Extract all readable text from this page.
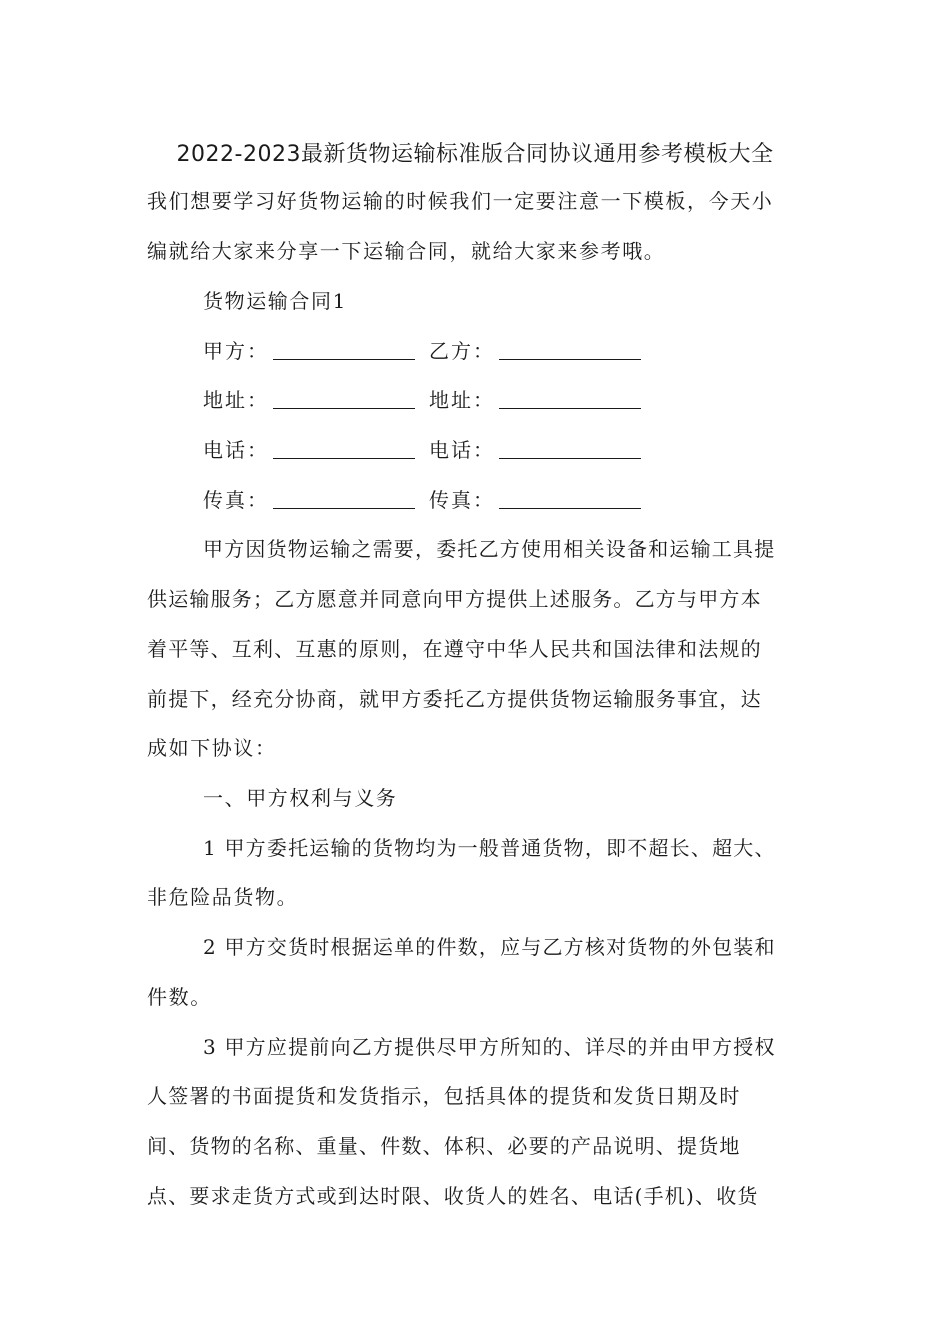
2022-2023最新货物运输标准版合同协议通用参考模板大全
我们想要学习好货物运输的时候我们一定要注意一下模板，今天小
编就给大家来分享一下运输合同，就给大家来参考哦。
货物运输合同1
甲方：	乙方：
地址：	地址：
电话：	电话：
传真：	传真：
甲方因货物运输之需要，委托乙方使用相关设备和运输工具提
供运输服务；乙方愿意并同意向甲方提供上述服务。乙方与甲方本
着平等、互利、互惠的原则，在遵守中华人民共和国法律和法规的
前提下，经充分协商，就甲方委托乙方提供货物运输服务事宜，达
成如下协议：
一、甲方权利与义务
1 甲方委托运输的货物均为一般普通货物，即不超长、超大、
非危险品货物。
2 甲方交货时根据运单的件数，应与乙方核对货物的外包装和
件数。
3 甲方应提前向乙方提供尽甲方所知的、详尽的并由甲方授权
人签署的书面提货和发货指示，包括具体的提货和发货日期及时
间、货物的名称、重量、件数、体积、必要的产品说明、提货地
点、要求走货方式或到达时限、收货人的姓名、电话(手机)、收货
